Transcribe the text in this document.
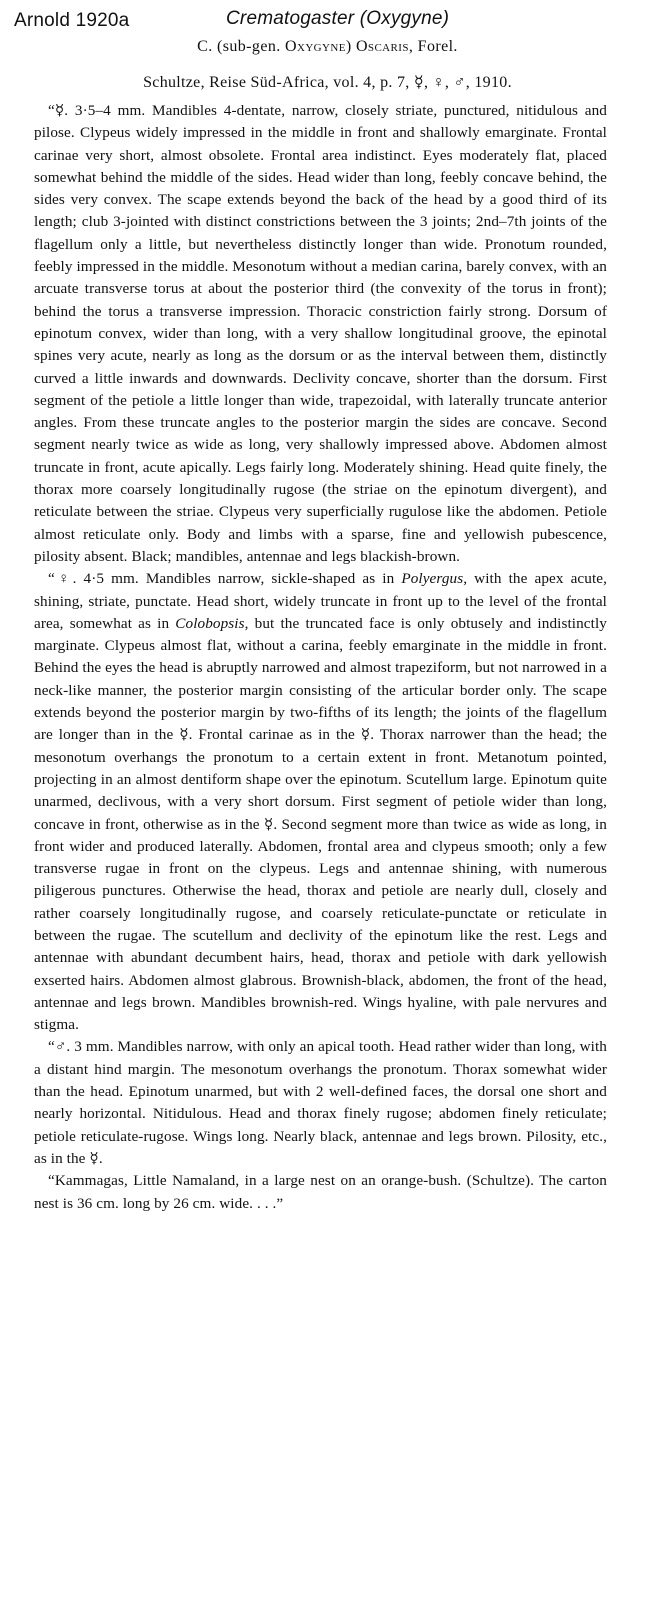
Arnold 1920a	Crematogaster (Oxygyne)
C. (sub-gen. Oxygyne) Oscaris, Forel.
Schultze, Reise Süd-Africa, vol. 4, p. 7, ☿, ♀, ♂, 1910.

“☿. 3·5–4 mm. Mandibles 4-dentate, narrow, closely striate, punctured, nitidulous and pilose. Clypeus widely impressed in the middle in front and shallowly emarginate. Frontal carinae very short, almost obsolete. Frontal area indistinct. Eyes moderately flat, placed somewhat behind the middle of the sides. Head wider than long, feebly concave behind, the sides very convex. The scape extends beyond the back of the head by a good third of its length; club 3-jointed with distinct constrictions between the 3 joints; 2nd–7th joints of the flagellum only a little, but nevertheless distinctly longer than wide. Pronotum rounded, feebly impressed in the middle. Mesonotum without a median carina, barely convex, with an arcuate transverse torus at about the posterior third (the convexity of the torus in front); behind the torus a transverse impression. Thoracic constriction fairly strong. Dorsum of epinotum convex, wider than long, with a very shallow longitudinal groove, the epinotal spines very acute, nearly as long as the dorsum or as the interval between them, distinctly curved a little inwards and downwards. Declivity concave, shorter than the dorsum. First segment of the petiole a little longer than wide, trapezoidal, with laterally truncate anterior angles. From these truncate angles to the posterior margin the sides are concave. Second segment nearly twice as wide as long, very shallowly impressed above. Abdomen almost truncate in front, acute apically. Legs fairly long. Moderately shining. Head quite finely, the thorax more coarsely longitudinally rugose (the striae on the epinotum divergent), and reticulate between the striae. Clypeus very superficially rugulose like the abdomen. Petiole almost reticulate only. Body and limbs with a sparse, fine and yellowish pubescence, pilosity absent. Black; mandibles, antennae and legs blackish-brown.

“♀. 4·5 mm. Mandibles narrow, sickle-shaped as in Polyergus, with the apex acute, shining, striate, punctate. Head short, widely truncate in front up to the level of the frontal area, somewhat as in Colobopsis, but the truncated face is only obtusely and indistinctly marginate. Clypeus almost flat, without a carina, feebly emarginate in the middle in front. Behind the eyes the head is abruptly narrowed and almost trapeziform, but not narrowed in a neck-like manner, the posterior margin consisting of the articular border only. The scape extends beyond the posterior margin by two-fifths of its length; the joints of the flagellum are longer than in the ☿. Frontal carinae as in the ☿. Thorax narrower than the head; the mesonotum overhangs the pronotum to a certain extent in front. Metanotum pointed, projecting in an almost dentiform shape over the epinotum. Scutellum large. Epinotum quite unarmed, declivous, with a very short dorsum. First segment of petiole wider than long, concave in front, otherwise as in the ☿. Second segment more than twice as wide as long, in front wider and produced laterally. Abdomen, frontal area and clypeus smooth; only a few transverse rugae in front on the clypeus. Legs and antennae shining, with numerous piligerous punctures. Otherwise the head, thorax and petiole are nearly dull, closely and rather coarsely longitudinally rugose, and coarsely reticulate-punctate or reticulate in between the rugae. The scutellum and declivity of the epinotum like the rest. Legs and antennae with abundant decumbent hairs, head, thorax and petiole with dark yellowish exserted hairs. Abdomen almost glabrous. Brownish-black, abdomen, the front of the head, antennae and legs brown. Mandibles brownish-red. Wings hyaline, with pale nervures and stigma.

“♂. 3 mm. Mandibles narrow, with only an apical tooth. Head rather wider than long, with a distant hind margin. The mesonotum overhangs the pronotum. Thorax somewhat wider than the head. Epinotum unarmed, but with 2 well-defined faces, the dorsal one short and nearly horizontal. Nitidulous. Head and thorax finely rugose; abdomen finely reticulate; petiole reticulate-rugose. Wings long. Nearly black, antennae and legs brown. Pilosity, etc., as in the ☿.

“Kammagas, Little Namaland, in a large nest on an orange-bush. (Schultze). The carton nest is 36 cm. long by 26 cm. wide. . . .”
